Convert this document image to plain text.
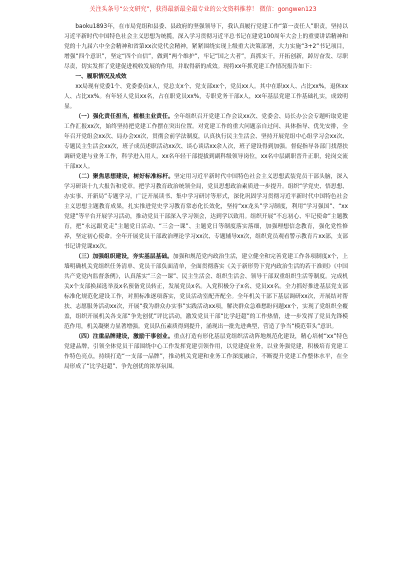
关注头条号“公文研究”，获得最新最全最专业的公文资料推荐！ 微信：gongwen123

baoku1893年，在市局党组和县委、县政府的坚强领导下，我认真履行党建工作“第一责任人”职责，坚持以习近平新时代中国特色社会主义思想为统揽，深入学习贯彻习近平总书记在建党100周年大会上的重要讲话精神和党的十九届六中全会精神和省第xx次党代会精神，紧紧围绕实现上级重大决策部署，大力实施“3+2”书记项目，增强“四个意识”，坚定“四个自信”，做到“两个维护”，牢记“国之大者”，真抓实干，开拓创新，踔厉奋发、尽职尽责，切实发挥了党建促进税收发展的作用，并取得新的成效。现将xx年抓党建工作情况报告如下：

一、履职情况及成效

xx局现有党委1个、党委委员x人，党总支x个、党支部xx个，党员xx人。其中在职xx人、占比xx%，退休xx人、占比xx%。有年轻人党员xx名，占在职党员xx%，专职党务干部x人，xx年基层党建工作基础扎实，成效明显。

（一）强化责任担当，植根主业责任。全年组织召开党建工作会议xx次、党委会、局长办公会专题听取党建工作汇报xx次，始终坚持把党建工作摆在突出位置。对党建工作的重大问题亲自过问、具体指导、优先安排，全年召开党组会xx次、局办会xx次，贯彻会前学法制度，认真执行民主生活会、坚持开展党组中心组学习会xx次、专题民主生活会xx次，班子成员述职活动xx次、谈心谈话xx余人次，班子建设得到加强。督促指导各部门找帮扶调研党建与业务工作，科学进入用人，xx名年轻干部提拔到副科级领导岗位，xx名中层副职晋升正职，轮岗交流干部xx人。

（二）聚焦思想建设，树好标准标杆。坚定用习近平新时代中国特色社会主义思想武装党员干部头脑，深入学习研读十九大报告和党章。把学习教育政治统领全局，党员思想政治素质进一步提升。组织“学党史、悟思想、办实事、开新局”专题学习，广泛开展读书、集中学习研讨等形式，深化巩固学习贯彻习近平新时代中国特色社会主义思想主题教育成果，扎实推进党史学习教育常态化长效化，坚持“xx龙头”学习制度，利用“学习强国”、“xx党建”等平台开展学习活动，推动党员干部深入学习领会，达到学以致用。组织开展“不忘初心、牢记使命”主题教育，把“永远跟党走”主题党日活动、“三会一课”、主题党日等制度落实落细，加强理想信念教育，强化党性修养，坚定初心使命。全年开展党员干部政治理论学习xx次、专题辅导xx次，组织党员观看警示教育片xx部，支部书记讲党课xx次。

（三）加强组织建设，夯实基层基础。加强和规范党内政治生活，建立健全和完善党建工作各项制度x个，上墙明确机关党组织任务清单、党员干部负面清单，全面贯彻落实《关于新形势下党内政治生活的若干准则》《中国共产党党内监督条例》，认真落实“三会一课”、民主生活会、组织生活会、领导干部双重组织生活等制度。完成机关x个支部换届选举及x名预备党员转正，发展党员x名。入党积极分子x名、党员xx名。全力抓好推进基层党支部标准化规范化建设工作，对照标准逐项落实，党员活动室配齐配全。全年机关干部下基层调研xx次，开展结对帮扶、志愿服务活动xx次，开展“我为群众办实事”实践活动xx项，解决群众急难愁盼问题xx个，实现了党组织全覆盖，组织开展机关各支部“争先创优”评比活动，激发党员干部“比学赶超”的工作热情，进一步发挥了党员先锋模范作用，机关凝聚力显著增强。党员队伍素质得到提升，涌现出一批先进典型，营造了争当“模范带头”意识。

（四）注重品牌建设，激励干事创业。重点打造有形化基层党组织活动阵地规范化建设，精心培树“xx”特色党建品牌，引领全体党员干部围绕中心工作发挥党建引领作用，以党建促业务，以业务强党建，积极培育党建工作特色亮点，持续打造“一支部一品牌”，推动机关党建和业务工作深度融合，不断提升党建工作整体水平，在全局形成了“比学赶超”、争先创优的浓厚氛围。
